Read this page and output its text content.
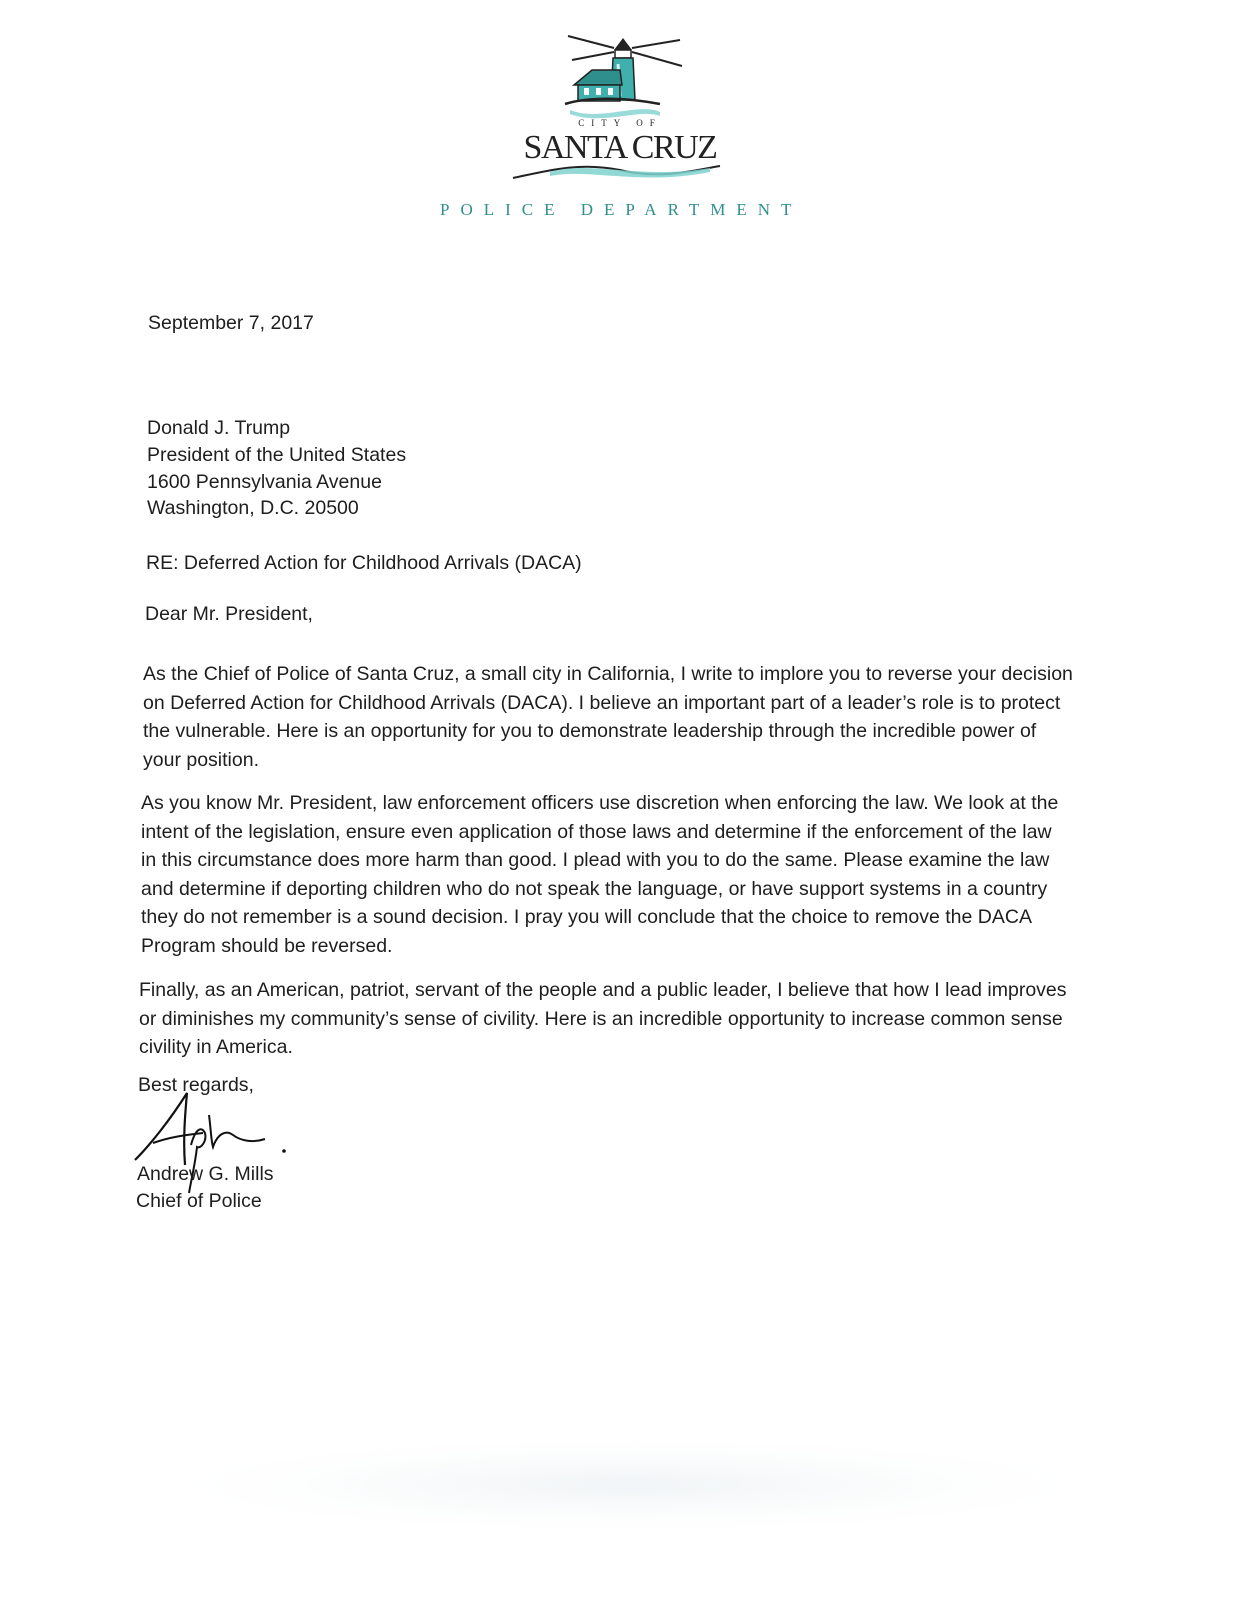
CITY OF
SANTA CRUZ
POLICE DEPARTMENT
September 7, 2017
Donald J. Trump
President of the United States
1600 Pennsylvania Avenue
Washington, D.C. 20500
RE: Deferred Action for Childhood Arrivals (DACA)
Dear Mr. President,
As the Chief of Police of Santa Cruz, a small city in California, I write to implore you to reverse your decision on Deferred Action for Childhood Arrivals (DACA). I believe an important part of a leader’s role is to protect the vulnerable. Here is an opportunity for you to demonstrate leadership through the incredible power of your position.
As you know Mr. President, law enforcement officers use discretion when enforcing the law. We look at the intent of the legislation, ensure even application of those laws and determine if the enforcement of the law in this circumstance does more harm than good. I plead with you to do the same. Please examine the law and determine if deporting children who do not speak the language, or have support systems in a country they do not remember is a sound decision. I pray you will conclude that the choice to remove the DACA Program should be reversed.
Finally, as an American, patriot, servant of the people and a public leader, I believe that how I lead improves or diminishes my community’s sense of civility. Here is an incredible opportunity to increase common sense civility in America.
Best regards,
Andrew G. Mills
Chief of Police
